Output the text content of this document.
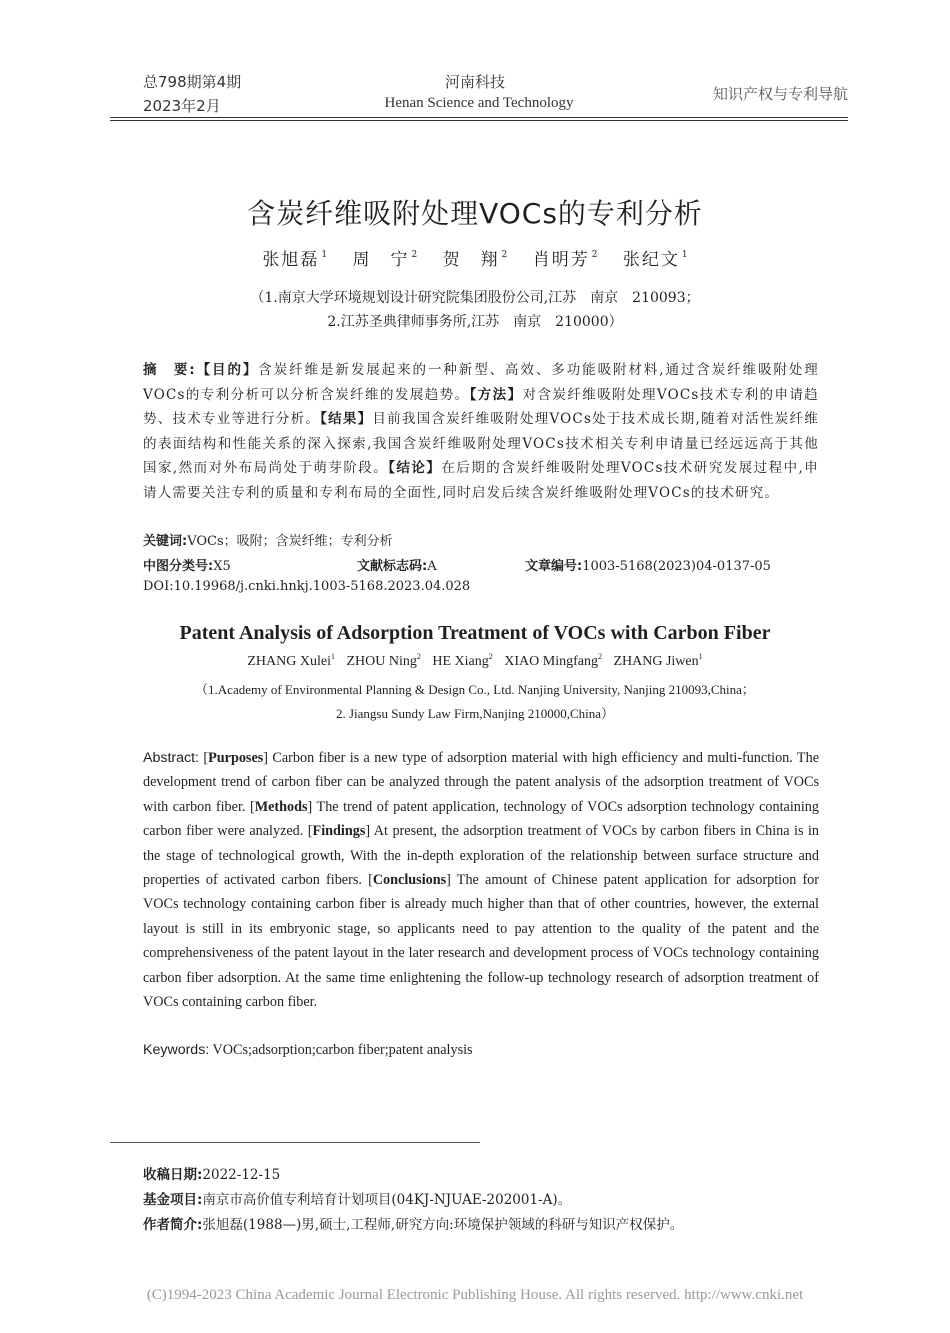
总798期第4期
2023年2月
河南科技
Henan Science and Technology	知识产权与专利导航
含炭纤维吸附处理VOCs的专利分析
张旭磊 $^1$ 周　宁 $^2$ 贺　翔 $^2$ 肖明芳 $^2$ 张纪文 $^1$
（1.南京大学环境规划设计研究院集团股份公司,江苏　南京　210093；
2.江苏圣典律师事务所,江苏　南京　210000）
摘　要:【目的】含炭纤维是新发展起来的一种新型、高效、多功能吸附材料,通过含炭纤维吸附处理VOCs的专利分析可以分析含炭纤维的发展趋势。【方法】对含炭纤维吸附处理VOCs技术专利的申请趋势、技术专业等进行分析。【结果】目前我国含炭纤维吸附处理VOCs处于技术成长期,随着对活性炭纤维的表面结构和性能关系的深入探索,我国含炭纤维吸附处理VOCs技术相关专利申请量已经远远高于其他国家,然而对外布局尚处于萌芽阶段。【结论】在后期的含炭纤维吸附处理VOCs技术研究发展过程中,申请人需要关注专利的质量和专利布局的全面性,同时启发后续含炭纤维吸附处理VOCs的技术研究。
关键词:VOCs；吸附；含炭纤维；专利分析
中图分类号:X5	文献标志码:A	文章编号:1003-5168(2023)04-0137-05
DOI:10.19968/j.cnki.hnkj.1003-5168.2023.04.028
Patent Analysis of Adsorption Treatment of VOCs with Carbon Fiber
ZHANG Xulei$^1$ ZHOU Ning$^2$ HE Xiang$^2$ XIAO Mingfang$^2$ ZHANG Jiwen$^1$
（1.Academy of Environmental Planning & Design Co., Ltd. Nanjing University, Nanjing 210093,China；
2. Jiangsu Sundy Law Firm,Nanjing 210000,China）
Abstract: [Purposes] Carbon fiber is a new type of adsorption material with high efficiency and multi-function. The development trend of carbon fiber can be analyzed through the patent analysis of the adsorption treatment of VOCs with carbon fiber. [Methods] The trend of patent application, technology of VOCs adsorption technology containing carbon fiber were analyzed. [Findings] At present, the adsorption treatment of VOCs by carbon fibers in China is in the stage of technological growth, With the in-depth exploration of the relationship between surface structure and properties of activated carbon fibers. [Conclusions] The amount of Chinese patent application for adsorption for VOCs technology containing carbon fiber is already much higher than that of other countries, however, the external layout is still in its embryonic stage, so applicants need to pay attention to the quality of the patent and the comprehensiveness of the patent layout in the later research and development process of VOCs technology containing carbon fiber adsorption. At the same time enlightening the follow-up technology research of adsorption treatment of VOCs containing carbon fiber.
Keywords: VOCs;adsorption;carbon fiber;patent analysis
收稿日期:2022-12-15
基金项目:南京市高价值专利培育计划项目(04KJ-NJUAE-202001-A)。
作者简介:张旭磊(1988—)男,硕士,工程师,研究方向:环境保护领域的科研与知识产权保护。
(C)1994-2023 China Academic Journal Electronic Publishing House. All rights reserved. http://www.cnki.net
